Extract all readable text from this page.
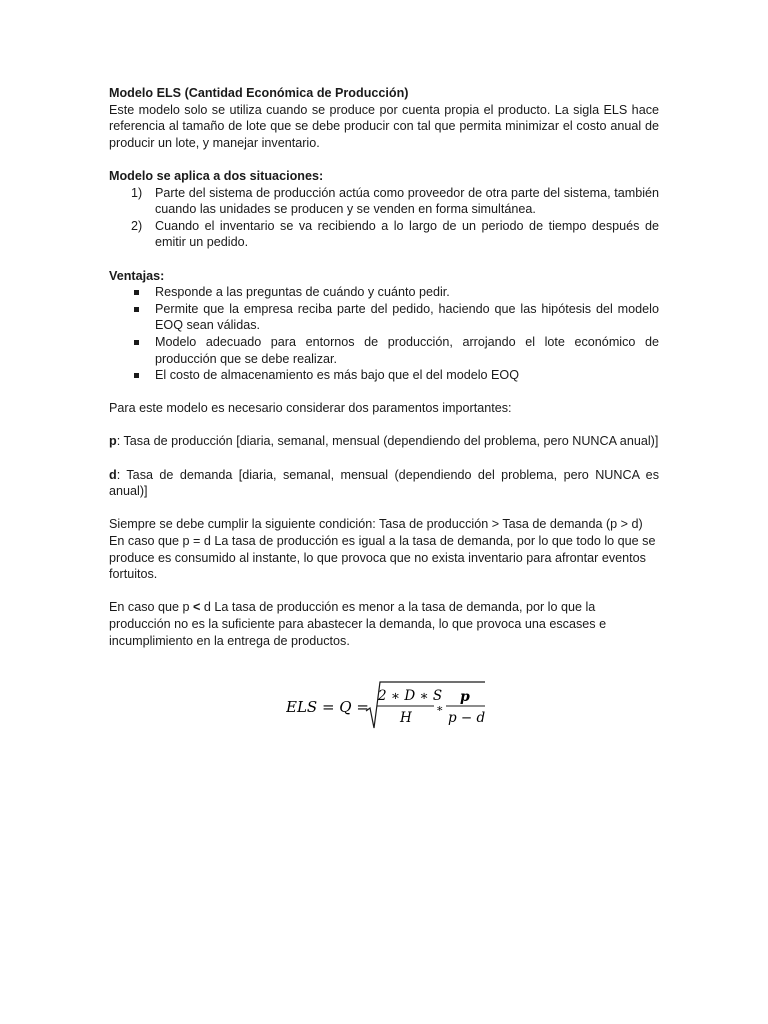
Modelo ELS (Cantidad Económica de Producción)

Este modelo solo se utiliza cuando se produce por cuenta propia el producto. La sigla ELS hace referencia al tamaño de lote que se debe producir con tal que permita minimizar el costo anual de producir un lote, y manejar inventario.

Modelo se aplica a dos situaciones:

1) Parte del sistema de producción actúa como proveedor de otra parte del sistema, también cuando las unidades se producen y se venden en forma simultánea.
2) Cuando el inventario se va recibiendo a lo largo de un periodo de tiempo después de emitir un pedido.

Ventajas:

Responde a las preguntas de cuándo y cuánto pedir.
Permite que la empresa reciba parte del pedido, haciendo que las hipótesis del modelo EOQ sean válidas.
Modelo adecuado para entornos de producción, arrojando el lote económico de producción que se debe realizar.
El costo de almacenamiento es más bajo que el del modelo EOQ

Para este modelo es necesario considerar dos paramentos importantes:

p: Tasa de producción [diaria, semanal, mensual (dependiendo del problema, pero NUNCA anual)]

d: Tasa de demanda [diaria, semanal, mensual (dependiendo del problema, pero NUNCA es anual)]

Siempre se debe cumplir la siguiente condición: Tasa de producción > Tasa de demanda (p > d)

En caso que p = d La tasa de producción es igual a la tasa de demanda, por lo que todo lo que se produce es consumido al instante, lo que provoca que no exista inventario para afrontar eventos fortuitos.

En caso que p < d La tasa de producción es menor a la tasa de demanda, por lo que la producción no es la suficiente para abastecer la demanda, lo que provoca una escases e incumplimiento en la entrega de productos.

ELS = Q =
2 ∗ D ∗ S
H
∗
p
p − d
